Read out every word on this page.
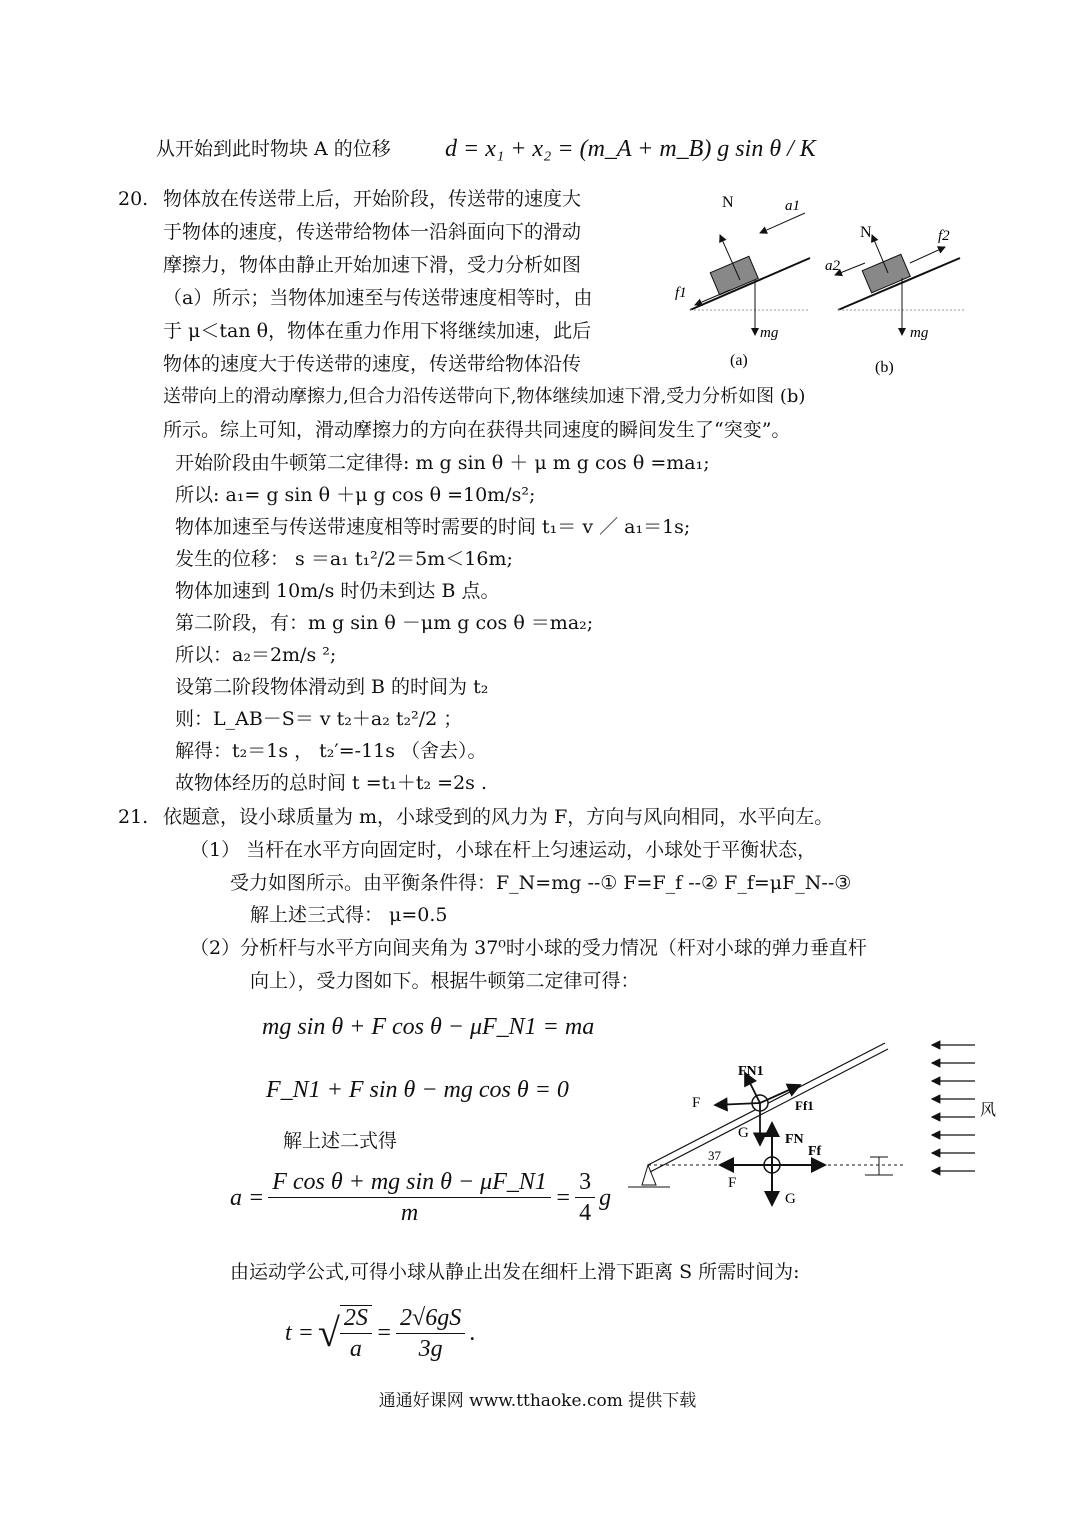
从开始到此时物块 A 的位移 d = x₁ + x₂ = (m_A + m_B) g sin θ / K
20. 物体放在传送带上后，开始阶段，传送带的速度大
于物体的速度，传送带给物体一沿斜面向下的滑动
摩擦力，物体由静止开始加速下滑，受力分析如图
（a）所示；当物体加速至与传送带速度相等时，由
于 μ＜tan θ，物体在重力作用下将继续加速，此后
物体的速度大于传送带的速度，传送带给物体沿传
送带向上的滑动摩擦力,但合力沿传送带向下,物体继续加速下滑,受力分析如图 (b)
所示。综上可知，滑动摩擦力的方向在获得共同速度的瞬间发生了“突变”。
N	a1
f1
mg
(a)
N	f2
a2
mg
(b)
开始阶段由牛顿第二定律得: m g sin θ ＋ μ m g cos θ =ma₁;
所以: a₁= g sin θ ＋μ g cos θ =10m/s²;
物体加速至与传送带速度相等时需要的时间 t₁＝ v ／ a₁＝1s;
发生的位移： s ＝a₁ t₁²/2＝5m＜16m;
物体加速到 10m/s 时仍未到达 B 点。
第二阶段，有：m g sin θ －μm g cos θ ＝ma₂;
所以：a₂＝2m/s ²;
设第二阶段物体滑动到 B 的时间为 t₂
则：L_AB－S＝ v t₂＋a₂ t₂²/2 ；
解得：t₂＝1s ， t₂′=-11s （舍去）。
故物体经历的总时间 t =t₁＋t₂ =2s .
21. 依题意，设小球质量为 m，小球受到的风力为 F，方向与风向相同，水平向左。
（1） 当杆在水平方向固定时，小球在杆上匀速运动，小球处于平衡状态，
受力如图所示。由平衡条件得：F_N=mg --① F=F_f --② F_f=μF_N--③
解上述三式得： μ=0.5
（2）分析杆与水平方向间夹角为 37⁰时小球的受力情况（杆对小球的弹力垂直杆
向上），受力图如下。根据牛顿第二定律可得：
mg sin θ + F cos θ − μF_N1 = ma
F_N1 + F sin θ − mg cos θ = 0
解上述二式得
$a = \frac{\text{F cos θ + mg sin θ − μF\_N1}}{m} = \frac{3}{4}$ g
由运动学公式,可得小球从静止出发在细杆上滑下距离 S 所需时间为:
t = √ $\frac{2S}{a} = \frac{2√6gS}{3g}$ .
FN1
F	Ff1
G
37
FN
Ff
F
G
风
通通好课网 www.tthaoke.com 提供下载
